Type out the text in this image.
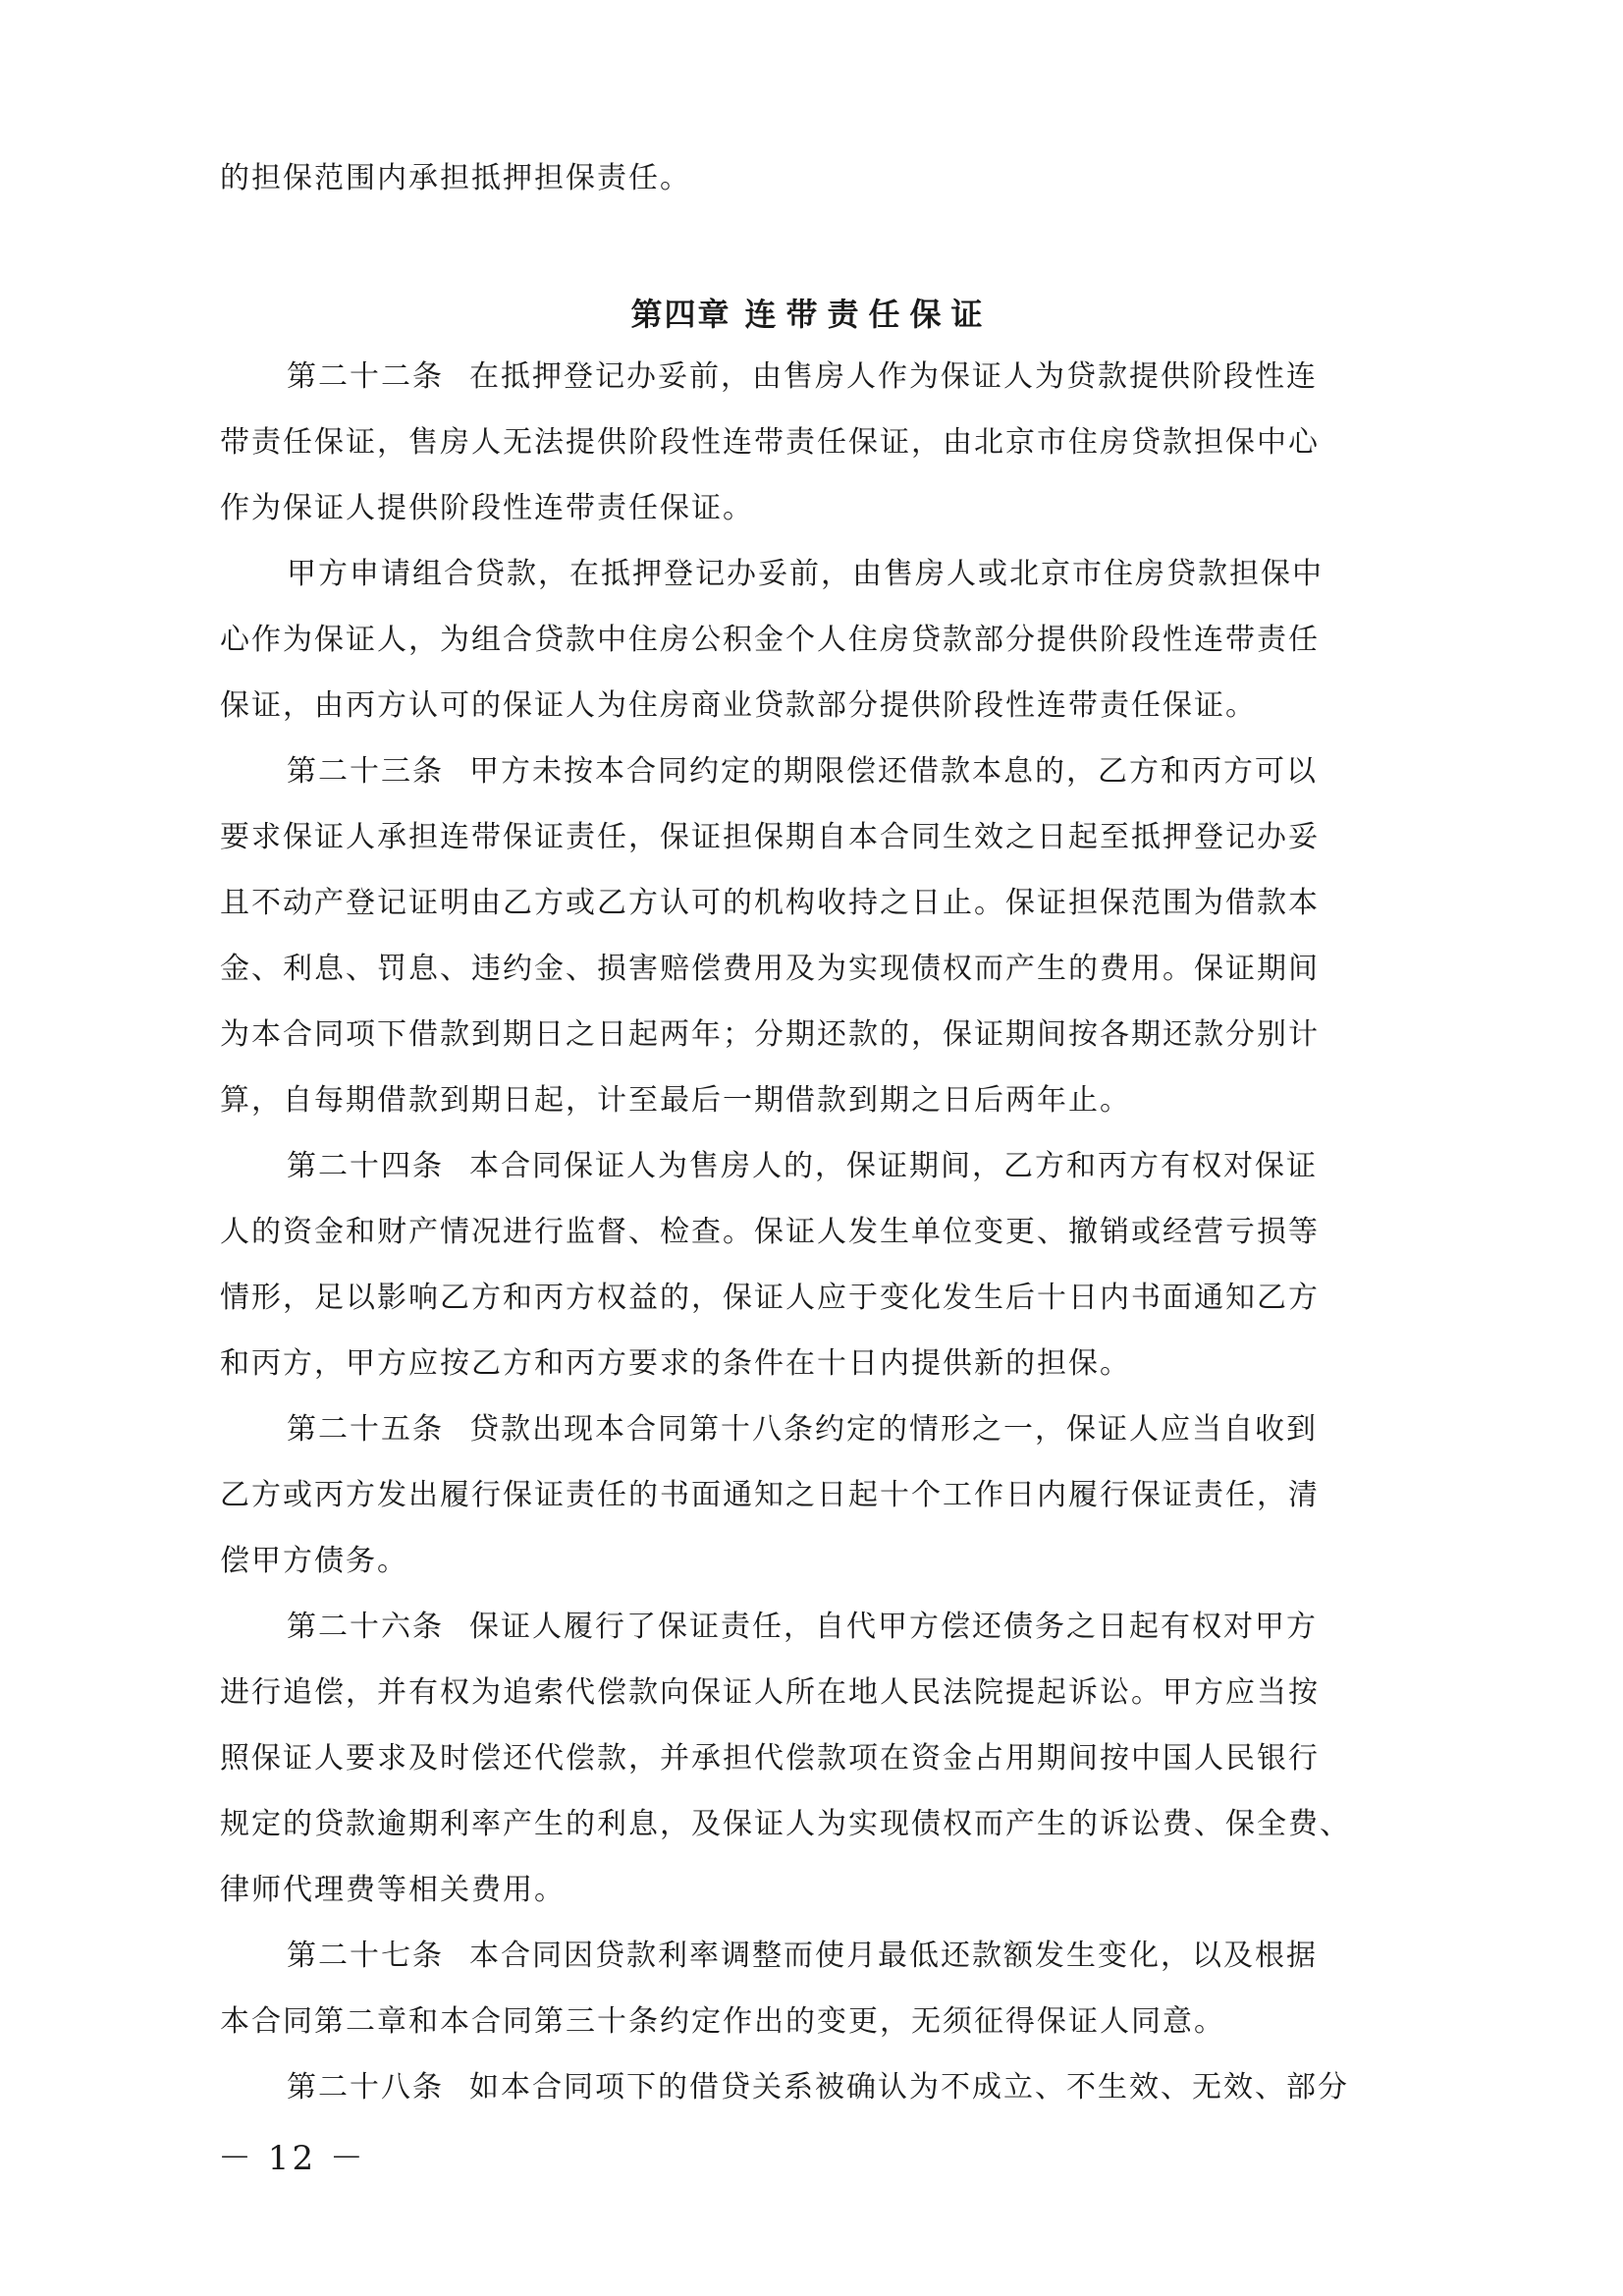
的担保范围内承担抵押担保责任。
第四章 连带责任保证
第二十二条 在抵押登记办妥前，由售房人作为保证人为贷款提供阶段性连
带责任保证，售房人无法提供阶段性连带责任保证，由北京市住房贷款担保中心
作为保证人提供阶段性连带责任保证。
甲方申请组合贷款，在抵押登记办妥前，由售房人或北京市住房贷款担保中
心作为保证人，为组合贷款中住房公积金个人住房贷款部分提供阶段性连带责任
保证，由丙方认可的保证人为住房商业贷款部分提供阶段性连带责任保证。
第二十三条 甲方未按本合同约定的期限偿还借款本息的，乙方和丙方可以
要求保证人承担连带保证责任，保证担保期自本合同生效之日起至抵押登记办妥
且不动产登记证明由乙方或乙方认可的机构收持之日止。保证担保范围为借款本
金、利息、罚息、违约金、损害赔偿费用及为实现债权而产生的费用。保证期间
为本合同项下借款到期日之日起两年；分期还款的，保证期间按各期还款分别计
算，自每期借款到期日起，计至最后一期借款到期之日后两年止。
第二十四条 本合同保证人为售房人的，保证期间，乙方和丙方有权对保证
人的资金和财产情况进行监督、检查。保证人发生单位变更、撤销或经营亏损等
情形，足以影响乙方和丙方权益的，保证人应于变化发生后十日内书面通知乙方
和丙方，甲方应按乙方和丙方要求的条件在十日内提供新的担保。
第二十五条 贷款出现本合同第十八条约定的情形之一，保证人应当自收到
乙方或丙方发出履行保证责任的书面通知之日起十个工作日内履行保证责任，清
偿甲方债务。
第二十六条 保证人履行了保证责任，自代甲方偿还债务之日起有权对甲方
进行追偿，并有权为追索代偿款向保证人所在地人民法院提起诉讼。甲方应当按
照保证人要求及时偿还代偿款，并承担代偿款项在资金占用期间按中国人民银行
规定的贷款逾期利率产生的利息，及保证人为实现债权而产生的诉讼费、保全费、
律师代理费等相关费用。
第二十七条 本合同因贷款利率调整而使月最低还款额发生变化，以及根据
本合同第二章和本合同第三十条约定作出的变更，无须征得保证人同意。
第二十八条 如本合同项下的借贷关系被确认为不成立、不生效、无效、部分
－ 12 －
